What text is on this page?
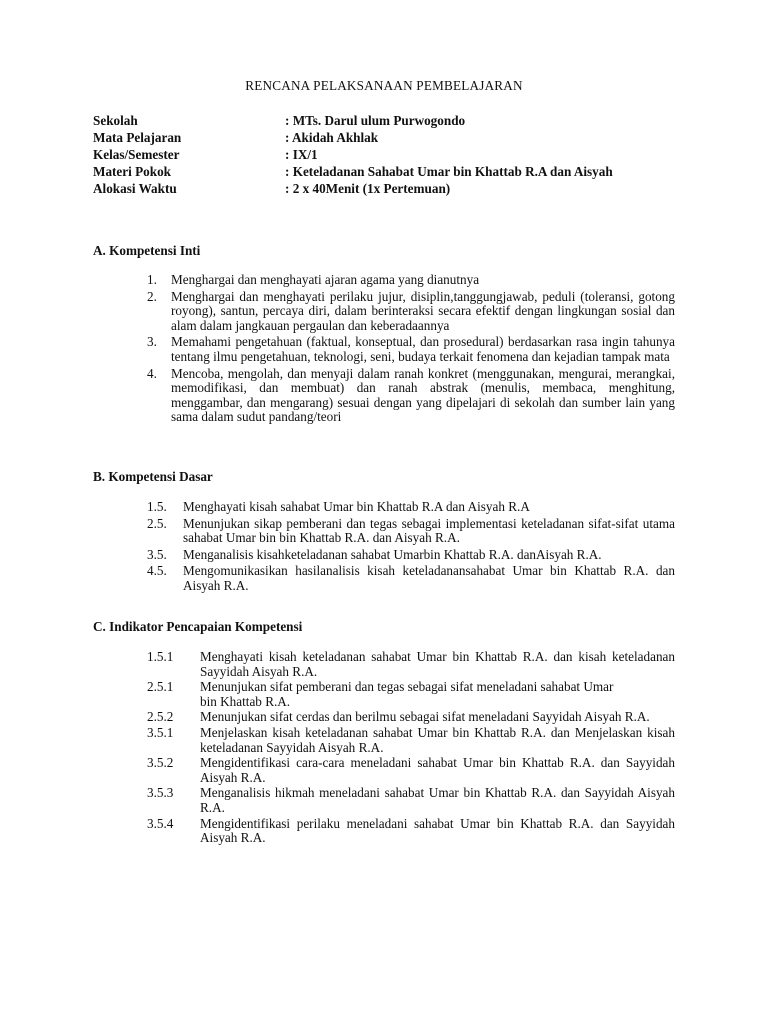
RENCANA PELAKSANAAN PEMBELAJARAN
Sekolah	: MTs. Darul ulum Purwogondo
Mata Pelajaran	: Akidah Akhlak
Kelas/Semester	: IX/1
Materi Pokok	: Keteladanan Sahabat Umar bin Khattab R.A dan Aisyah
Alokasi Waktu	: 2 x 40Menit (1x Pertemuan)
A. Kompetensi Inti
1.	Menghargai dan menghayati ajaran agama yang dianutnya
2.	Menghargai dan menghayati perilaku jujur, disiplin,tanggungjawab, peduli (toleransi, gotong royong), santun, percaya diri, dalam berinteraksi secara efektif dengan lingkungan sosial dan alam dalam jangkauan pergaulan dan keberadaannya
3.	Memahami pengetahuan (faktual, konseptual, dan prosedural) berdasarkan rasa ingin tahunya tentang ilmu pengetahuan, teknologi, seni, budaya terkait fenomena dan kejadian tampak mata
4.	Mencoba, mengolah, dan menyaji dalam ranah konkret (menggunakan, mengurai, merangkai, memodifikasi, dan membuat) dan ranah abstrak (menulis, membaca, menghitung, menggambar, dan mengarang) sesuai dengan yang dipelajari di sekolah dan sumber lain yang sama dalam sudut pandang/teori
B. Kompetensi Dasar
1.5.	Menghayati kisah sahabat Umar bin Khattab R.A dan Aisyah R.A
2.5.	Menunjukan sikap pemberani dan tegas sebagai implementasi keteladanan sifat-sifat utama sahabat Umar bin bin Khattab R.A. dan Aisyah R.A.
3.5.	Menganalisis kisahketeladanan sahabat Umarbin Khattab R.A. danAisyah R.A.
4.5.	Mengomunikasikan hasilanalisis kisah keteladanansahabat Umar bin Khattab R.A. dan Aisyah R.A.
C. Indikator Pencapaian Kompetensi
1.5.1	Menghayati kisah keteladanan sahabat Umar bin Khattab R.A. dan kisah keteladanan Sayyidah Aisyah R.A.
2.5.1	Menunjukan sifat pemberani dan tegas sebagai sifat meneladani sahabat Umar bin Khattab R.A.
2.5.2	Menunjukan sifat cerdas dan berilmu sebagai sifat meneladani Sayyidah Aisyah R.A.
3.5.1	Menjelaskan kisah keteladanan sahabat Umar bin Khattab R.A. dan Menjelaskan kisah keteladanan Sayyidah Aisyah R.A.
3.5.2	Mengidentifikasi cara-cara meneladani sahabat Umar bin Khattab R.A. dan Sayyidah Aisyah R.A.
3.5.3	Menganalisis hikmah meneladani sahabat Umar bin Khattab R.A. dan Sayyidah Aisyah R.A.
3.5.4	Mengidentifikasi perilaku meneladani sahabat Umar bin Khattab R.A. dan Sayyidah Aisyah R.A.
